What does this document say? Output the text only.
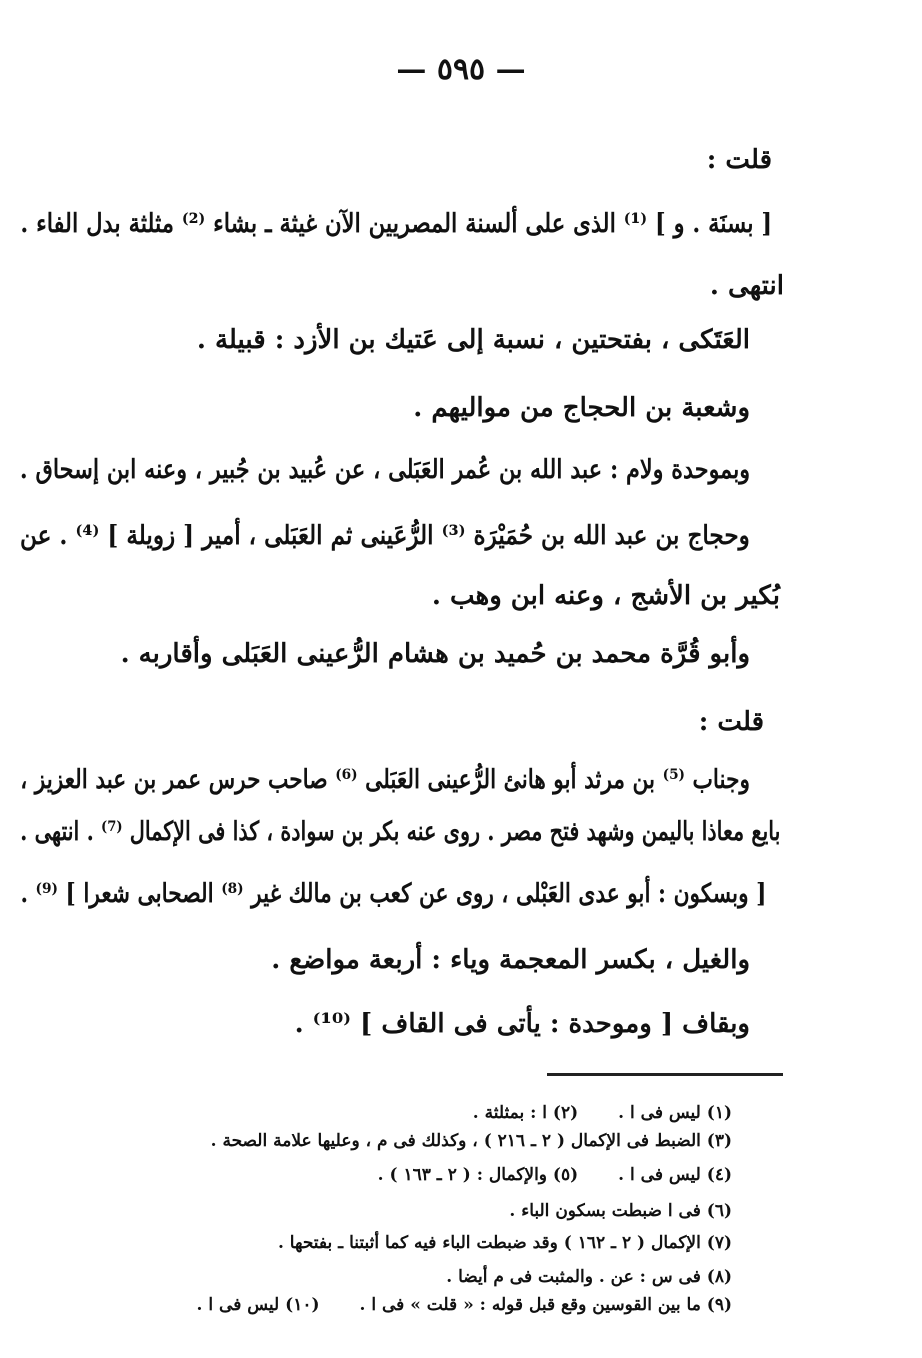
— ٥٩٥ —
قلت :
[ بسنَة . و ] ⁽¹⁾ الذى على ألسنة المصريين الآن غيثة ـ بشاء ⁽²⁾ مثلثة بدل الفاء .
انتهى .
العَتَكى ، بفتحتين ، نسبة إلى عَتيك بن الأزد : قبيلة .
وشعبة بن الحجاج من مواليهم .
وبموحدة ولام : عبد الله بن عُمر العَبَلى ، عن عُبيد بن جُبير ، وعنه ابن إسحاق .
وحجاج بن عبد الله بن حُمَيْرَة ⁽³⁾ الرُّعَينى ثم العَبَلى ، أمير [ زويلة ] ⁽⁴⁾ . عن
بُكير بن الأشج ، وعنه ابن وهب .
وأبو قُرَّة محمد بن حُميد بن هشام الرُّعينى العَبَلى وأقاربه .
قلت :
وجناب ⁽⁵⁾ بن مرثد أبو هانئ الرُّعينى العَبَلى ⁽⁶⁾ صاحب حرس عمر بن عبد العزيز ،
بايع معاذا باليمن وشهد فتح مصر . روى عنه بكر بن سوادة ، كذا فى الإكمال ⁽⁷⁾ . انتهى .
[ وبسكون : أبو عدى العَبْلى ، روى عن كعب بن مالك غير ⁽⁸⁾ الصحابى شعرا ] ⁽⁹⁾ .
والغيل ، بكسر المعجمة وياء : أربعة مواضع .
وبقاف [ وموحدة : يأتى فى القاف ] ⁽¹⁰⁾ .
(١) ليس فى ا .(٢) ا : بمثلثة .
(٣) الضبط فى الإكمال ( ٢ ـ ٢١٦ ) ، وكذلك فى م ، وعليها علامة الصحة .
(٤) ليس فى ا .(٥) والإكمال : ( ٢ ـ ١٦٣ ) .
(٦) فى ا ضبطت بسكون الباء .
(٧) الإكمال ( ٢ ـ ١٦٢ ) وقد ضبطت الباء فيه كما أثبتنا ـ بفتحها .
(٨) فى س : عن . والمثبت فى م أيضا .
(٩) ما بين القوسين وقع قبل قوله : « قلت » فى ا .(١٠) ليس فى ا .
